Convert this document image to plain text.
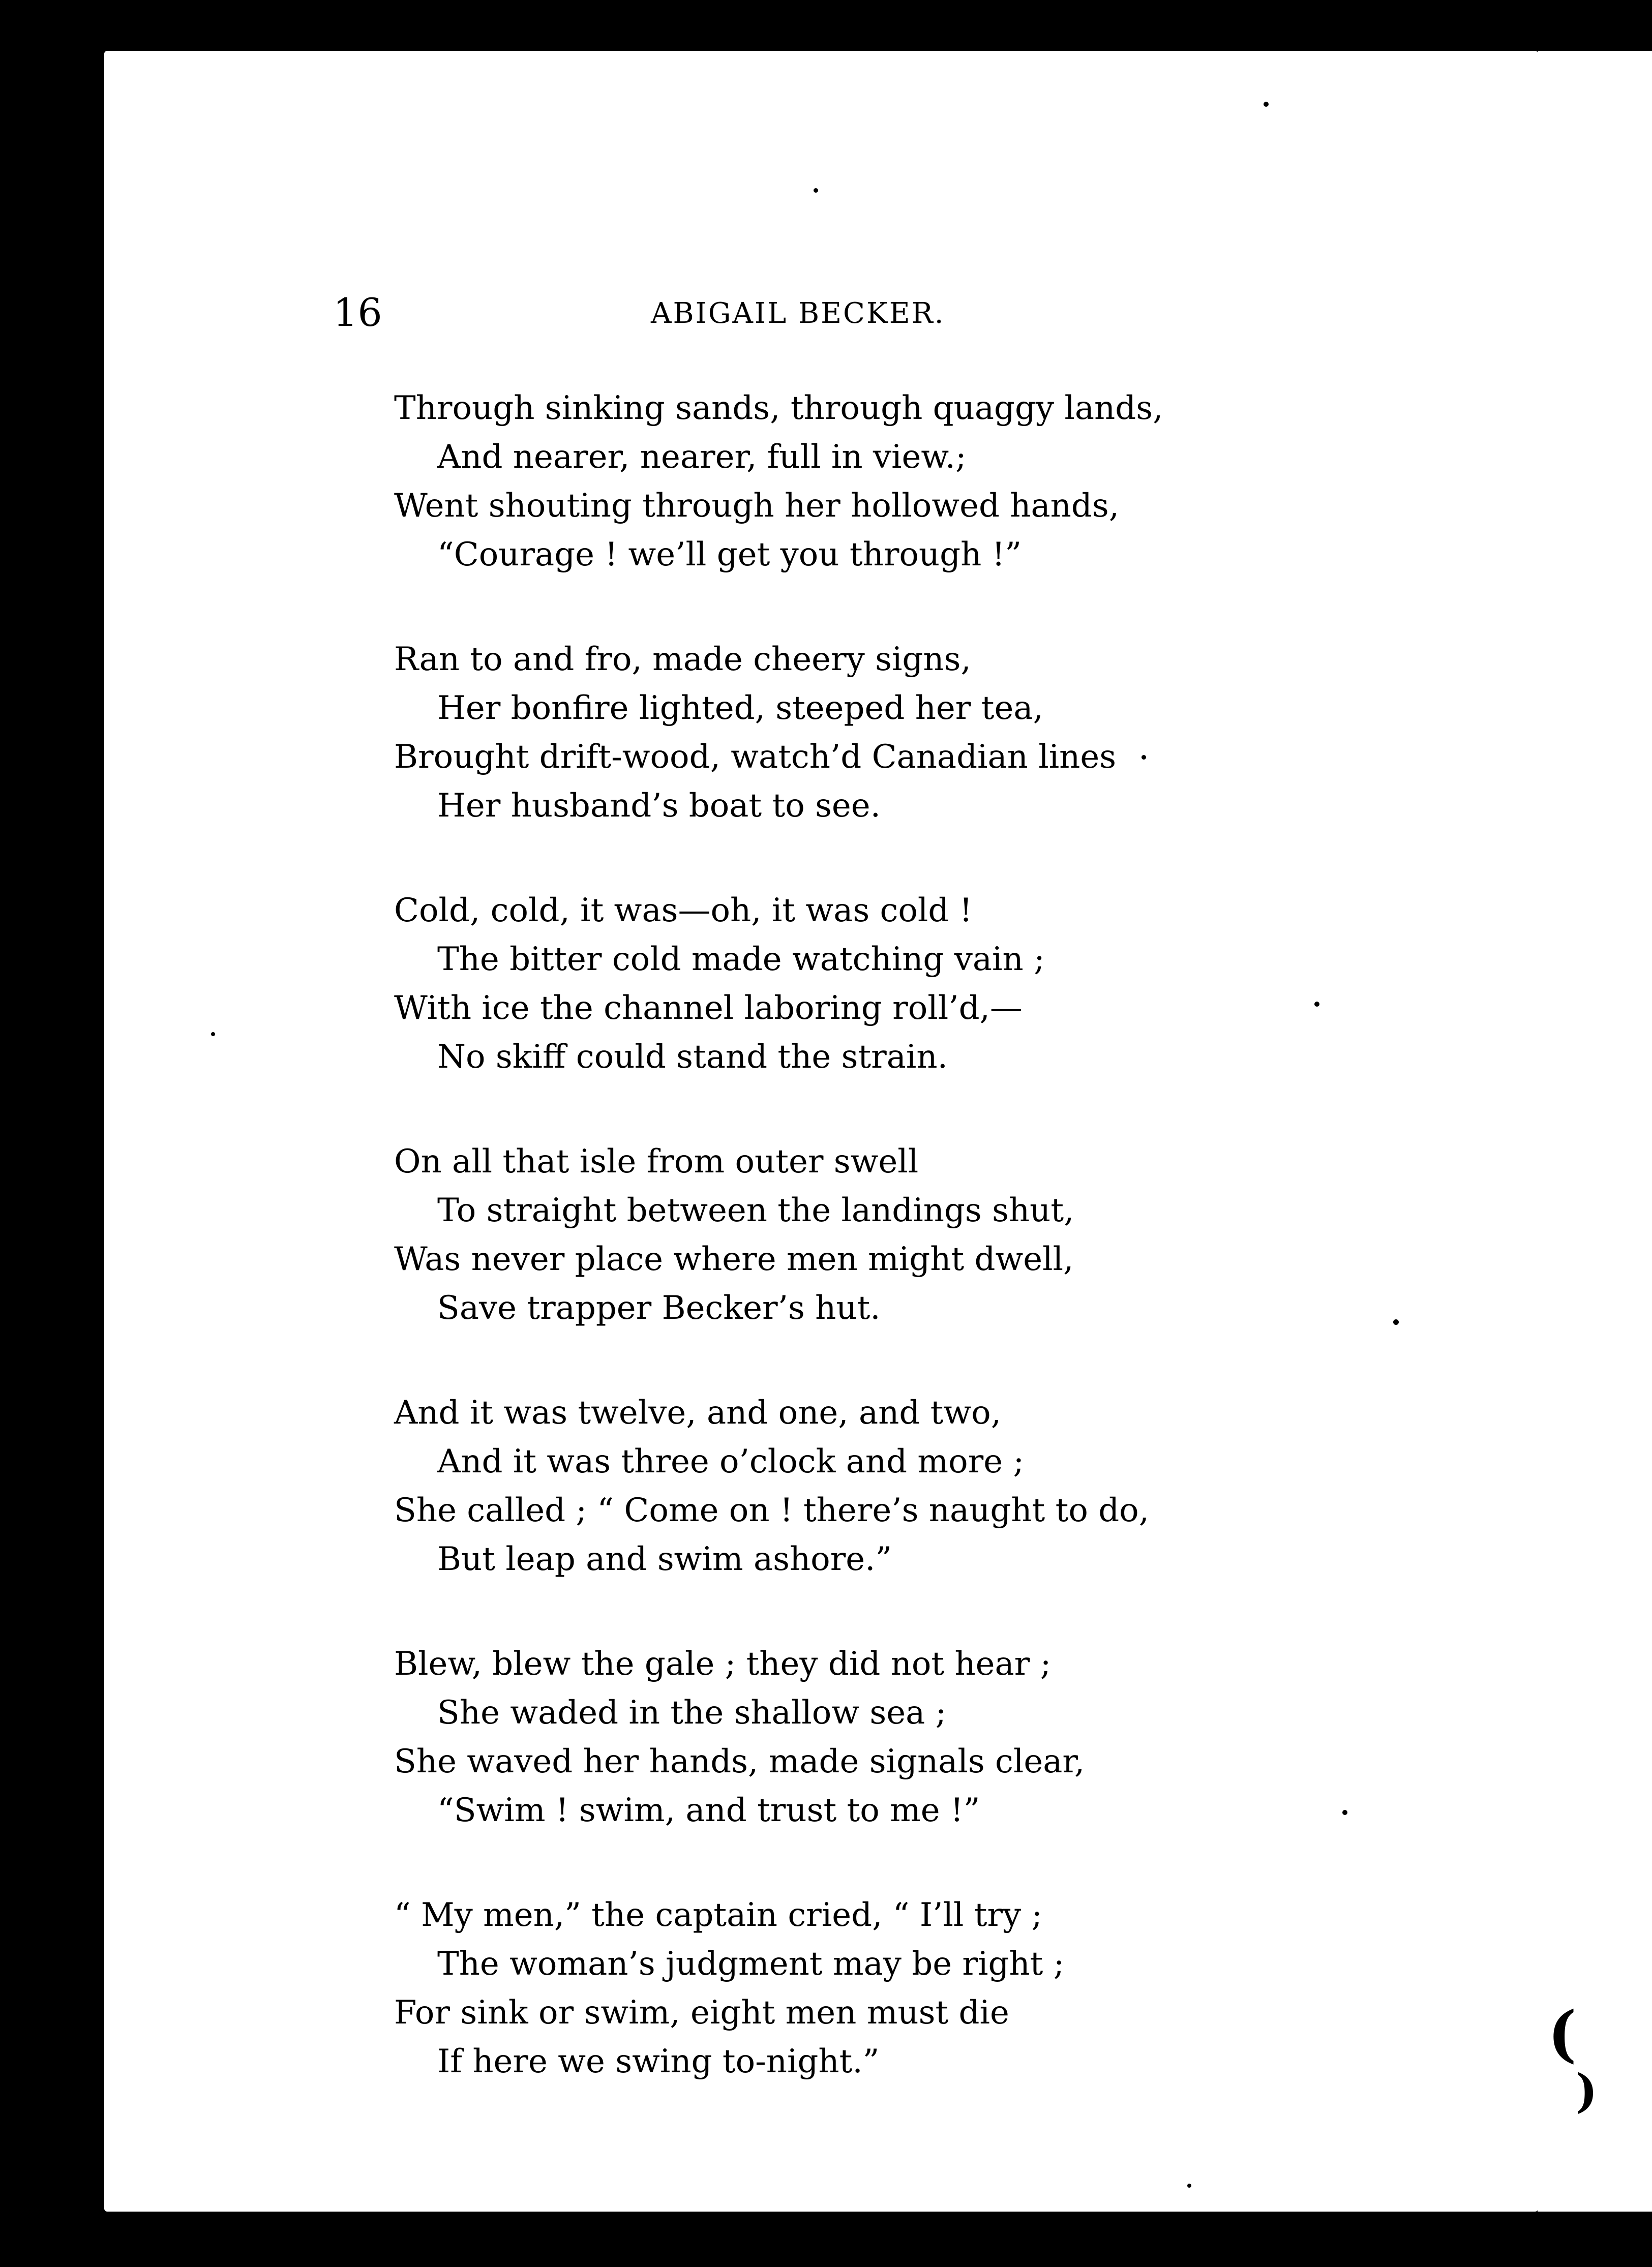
16	ABIGAIL BECKER.
Through sinking sands, through quaggy lands,
And nearer, nearer, full in view.;
Went shouting through her hollowed hands,
“Courage ! we’ll get you through !”
Ran to and fro, made cheery signs,
Her bonfire lighted, steeped her tea,
Brought drift-wood, watch’d Canadian lines
Her husband’s boat to see.
Cold, cold, it was—oh, it was cold !
The bitter cold made watching vain ;
With ice the channel laboring roll’d,—
No skiff could stand the strain.
On all that isle from outer swell
To straight between the landings shut,
Was never place where men might dwell,
Save trapper Becker’s hut.
And it was twelve, and one, and two,
And it was three o’clock and more ;
She called ; “ Come on ! there’s naught to do,
But leap and swim ashore.”
Blew, blew the gale ; they did not hear ;
She waded in the shallow sea ;
She waved her hands, made signals clear,
“Swim ! swim, and trust to me !”
“ My men,” the captain cried, “ I’ll try ;
The woman’s judgment may be right ;
For sink or swim, eight men must die
If here we swing to-night.”	(
)
